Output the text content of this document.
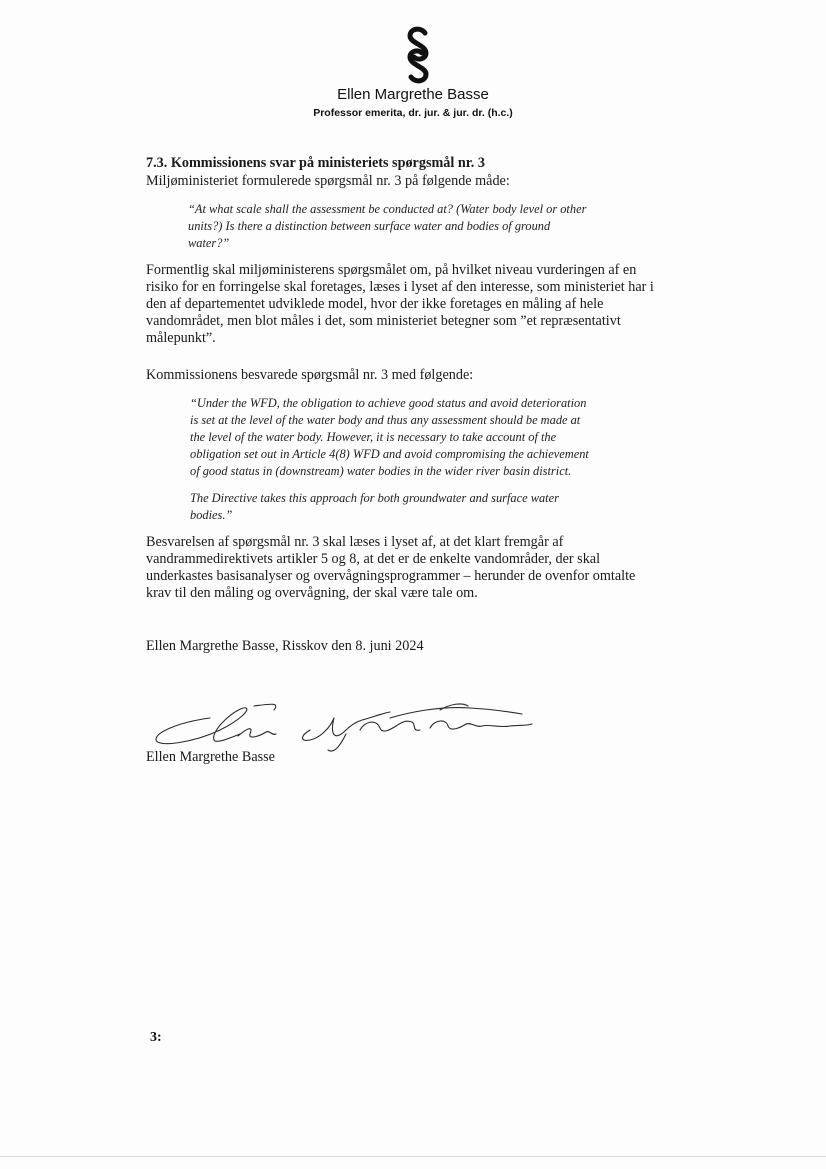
Ellen Margrethe Basse
Professor emerita, dr. jur. & jur. dr. (h.c.)
7.3. Kommissionens svar på ministeriets spørgsmål nr. 3
Miljøministeriet formulerede spørgsmål nr. 3 på følgende måde:
“At what scale shall the assessment be conducted at? (Water body level or other
units?) Is there a distinction between surface water and bodies of ground
water?”
Formentlig skal miljøministerens spørgsmålet om, på hvilket niveau vurderingen af en
risiko for en forringelse skal foretages, læses i lyset af den interesse, som ministeriet har i
den af departementet udviklede model, hvor der ikke foretages en måling af hele
vandområdet, men blot måles i det, som ministeriet betegner som ”et repræsentativt
målepunkt”.
Kommissionens besvarede spørgsmål nr. 3 med følgende:
“Under the WFD, the obligation to achieve good status and avoid deterioration
is set at the level of the water body and thus any assessment should be made at
the level of the water body. However, it is necessary to take account of the
obligation set out in Article 4(8) WFD and avoid compromising the achievement
of good status in (downstream) water bodies in the wider river basin district.
The Directive takes this approach for both groundwater and surface water
bodies.”
Besvarelsen af spørgsmål nr. 3 skal læses i lyset af, at det klart fremgår af
vandrammedirektivets artikler 5 og 8, at det er de enkelte vandområder, der skal
underkastes basisanalyser og overvågningsprogrammer – herunder de ovenfor omtalte
krav til den måling og overvågning, der skal være tale om.
Ellen Margrethe Basse, Risskov den 8. juni 2024
Ellen Margrethe Basse
3:
